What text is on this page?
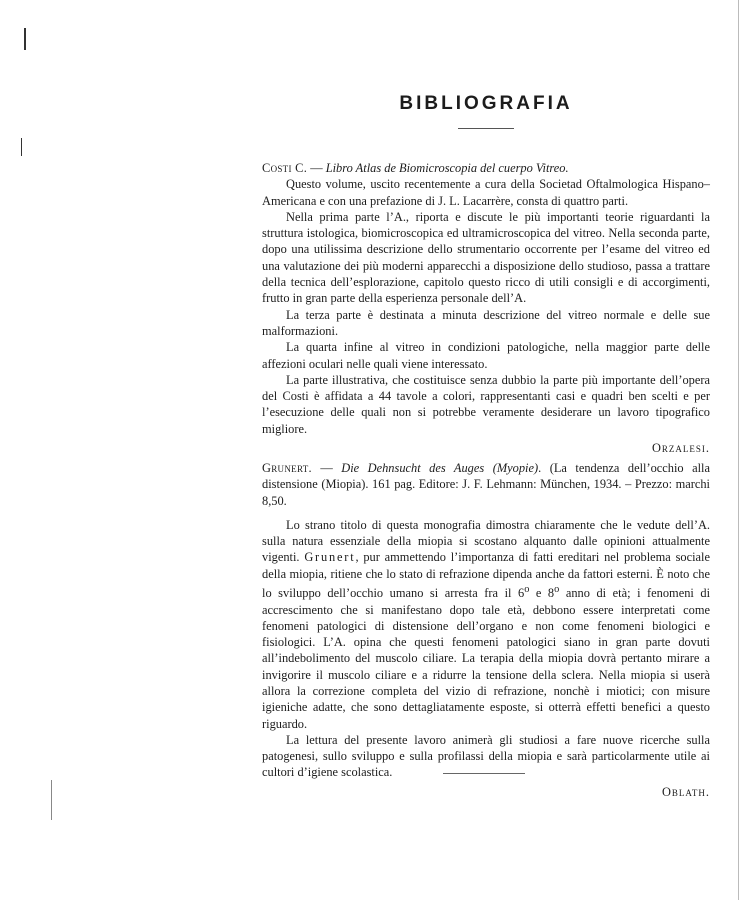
BIBLIOGRAFIA

Costi C. — Libro Atlas de Biomicroscopia del cuerpo Vitreo.

Questo volume, uscito recentemente a cura della Societad Oftalmologica Hispano–Americana e con una prefazione di J. L. Lacarrère, consta di quattro parti.

Nella prima parte l’A., riporta e discute le più importanti teorie riguardanti la struttura istologica, biomicroscopica ed ultramicroscopica del vitreo. Nella seconda parte, dopo una utilissima descrizione dello strumentario occorrente per l’esame del vitreo ed una valutazione dei più moderni apparecchi a disposizione dello studioso, passa a trattare della tecnica dell’esplorazione, capitolo questo ricco di utili consigli e di accorgimenti, frutto in gran parte della esperienza personale dell’A.

La terza parte è destinata a minuta descrizione del vitreo normale e delle sue malformazioni.

La quarta infine al vitreo in condizioni patologiche, nella maggior parte delle affezioni oculari nelle quali viene interessato.

La parte illustrativa, che costituisce senza dubbio la parte più importante dell’opera del Costi è affidata a 44 tavole a colori, rappresentanti casi e quadri ben scelti e per l’esecuzione delle quali non si potrebbe veramente desiderare un lavoro tipografico migliore.

Orzalesi.

Grunert. — Die Dehnsucht des Auges (Myopie). (La tendenza dell’occhio alla distensione (Miopia). 161 pag. Editore: J. F. Lehmann: München, 1934. – Prezzo: marchi 8,50.

Lo strano titolo di questa monografia dimostra chiaramente che le vedute dell’A. sulla natura essenziale della miopia si scostano alquanto dalle opinioni attualmente vigenti. Grunert, pur ammettendo l’importanza di fatti ereditari nel problema sociale della miopia, ritiene che lo stato di refrazione dipenda anche da fattori esterni. È noto che lo sviluppo dell’occhio umano si arresta fra il 6$^o$ e 8$^o$ anno di età; i fenomeni di accrescimento che si manifestano dopo tale età, debbono essere interpretati come fenomeni patologici di distensione dell’organo e non come fenomeni biologici e fisiologici. L’A. opina che questi fenomeni patologici siano in gran parte dovuti all’indebolimento del muscolo ciliare. La terapia della miopia dovrà pertanto mirare a invigorire il muscolo ciliare e a ridurre la tensione della sclera. Nella miopia si userà allora la correzione completa del vizio di refrazione, nonchè i miotici; con misure igieniche adatte, che sono dettagliatamente esposte, si otterrà effetti benefici a questo riguardo.

La lettura del presente lavoro animerà gli studiosi a fare nuove ricerche sulla patogenesi, sullo sviluppo e sulla profilassi della miopia e sarà particolarmente utile ai cultori d’igiene scolastica.

Oblath.
